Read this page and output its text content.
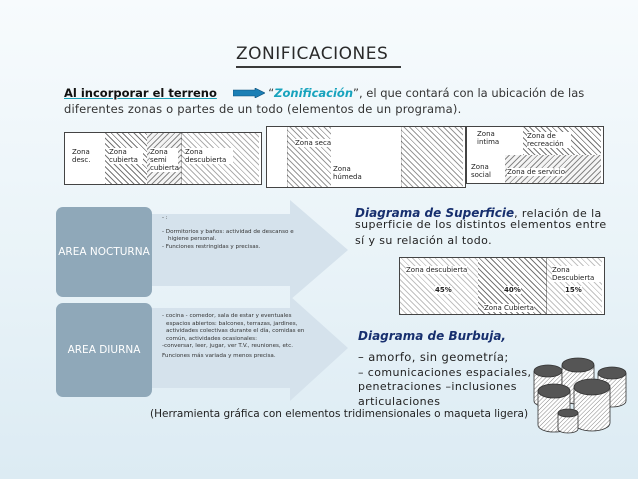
ZONIFICACIONES
Al incorporar el terreno	“Zonificación”, el que contará con la ubicación de las
diferentes zonas o partes de un todo (elementos de un programa).
Zona desc.
Zona cubierta
Zona semi cubierta
Zona descubierta
Zona seca
Zona húmeda
Zona intima
Zona de recreación
Zona social	Zona de servicio
AREA NOCTURNA
- :
- Dormitorios y baños: actividad de descanso e
higiene personal.
- Funciones restringidas y precisas.
AREA DIURNA
- cocina - comedor, sala de estar y eventuales
espacios abiertos: balcones, terrazas, jardines,
actividades colectivas durante el día, comidas en
común, actividades ocasionales:
-conversar, leer, jugar, ver T.V., reuniones, etc.
Funciones más variada y menos precisa.
Diagrama de Superficie, relación de la
superficie de los distintos elementos entre
sí y su relación al todo.
Zona descubierta	Zona Descubierta
Zona Cubierta
45%	40%	15%
Diagrama de Burbuja,
– amorfo, sin geometría;
– comunicaciones espaciales,
penetraciones –inclusiones
articulaciones
(Herramienta gráfica con elementos tridimensionales o maqueta ligera)
